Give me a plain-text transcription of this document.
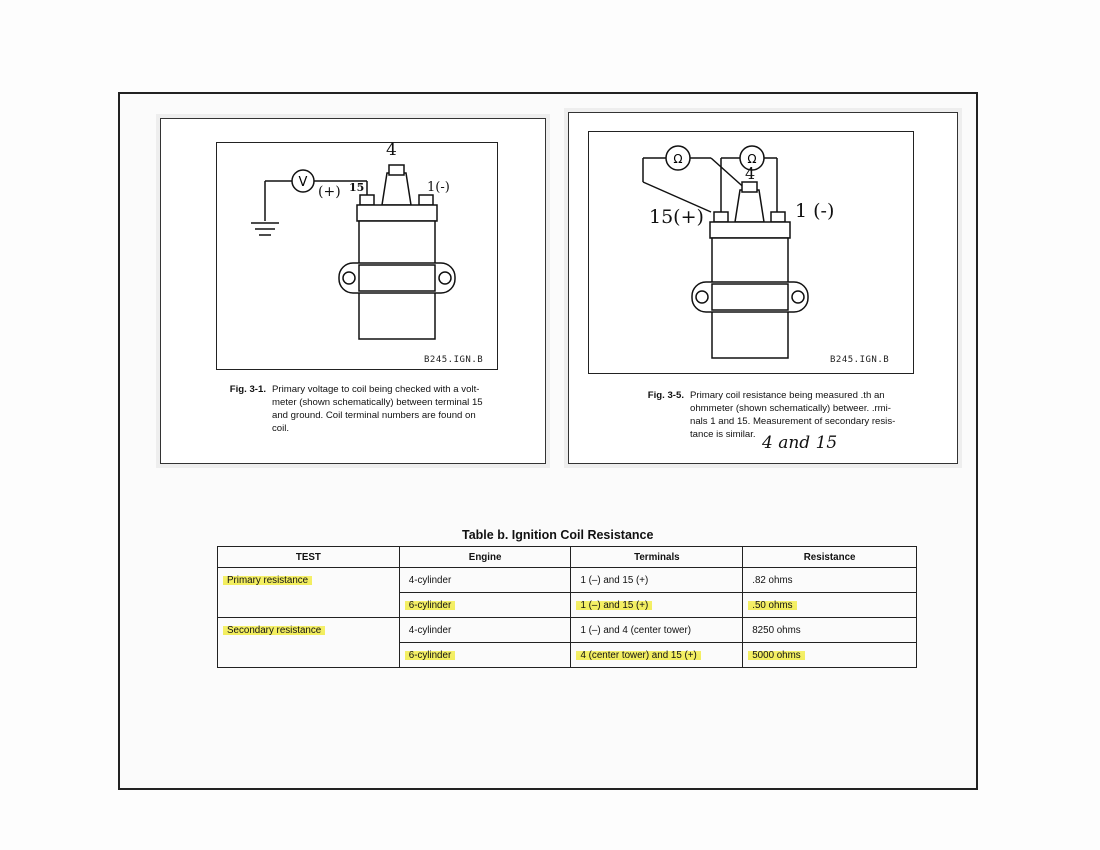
V
4
(+) 15	1(-)
B245.IGN.B
Fig. 3-1. Primary voltage to coil being checked with a volt-
meter (shown schematically) between terminal 15
and ground. Coil terminal numbers are found on
coil.
Ω	Ω
4
15(+)	1 (-)
B245.IGN.B
Fig. 3-5. Primary coil resistance being measured .th an
ohmmeter (shown schematically) betweer. .rmi-
nals 1 and 15. Measurement of secondary resis-
tance is similar. 4 and 15
Table b. Ignition Coil Resistance
TEST	Engine	Terminals	Resistance
Primary resistance	4-cylinder	1 (–) and 15 (+)	.82 ohms
	6-cylinder	1 (–) and 15 (+)	.50 ohms
Secondary resistance	4-cylinder	1 (–) and 4 (center tower)	8250 ohms
	6-cylinder	4 (center tower) and 15 (+)	5000 ohms
